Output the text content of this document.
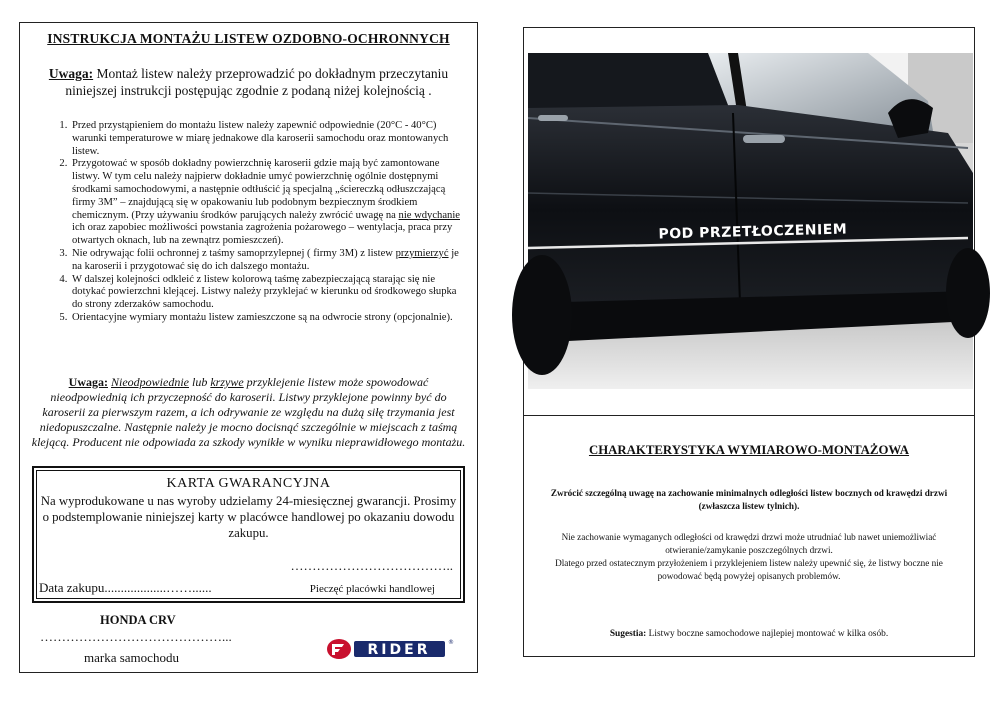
INSTRUKCJA MONTAŻU LISTEW OZDOBNO-OCHRONNYCH
Uwaga: Montaż listew należy przeprowadzić po dokładnym przeczytaniu
niniejszej instrukcji postępując zgodnie z podaną niżej kolejnością .
1. Przed przystąpieniem do montażu listew należy zapewnić odpowiednie (20°C - 40°C) warunki temperaturowe w miarę jednakowe dla karoserii samochodu oraz montowanych listew.
2. Przygotować w sposób dokładny powierzchnię karoserii gdzie mają być zamontowane listwy. W tym celu należy najpierw dokładnie umyć powierzchnię ogólnie dostępnymi środkami samochodowymi, a następnie odtłuścić ją specjalną „ściereczką odłuszczającą firmy 3M” – znajdującą się w opakowaniu lub podobnym bezpiecznym środkiem chemicznym. (Przy używaniu środków parujących należy zwrócić uwagę na nie wdychanie ich oraz zapobiec możliwości powstania zagrożenia pożarowego – wentylacja, praca przy otwartych oknach, lub na zewnątrz pomieszczeń).
3. Nie odrywając folii ochronnej z taśmy samoprzylepnej ( firmy 3M) z listew przymierzyć je na karoserii i przygotować się do ich dalszego montażu.
4. W dalszej kolejności odkleić z listew kolorową taśmę zabezpieczającą starając się nie dotykać powierzchni klejącej. Listwy należy przyklejać w kierunku od środkowego słupka do strony zderzaków samochodu.
5. Orientacyjne wymiary montażu listew zamieszczone są na odwrocie strony (opcjonalnie).
Uwaga: Nieodpowiednie lub krzywe przyklejenie listew może spowodować nieodpowiednią ich przyczepność do karoserii. Listwy przyklejone powinny być do karoserii za pierwszym razem, a ich odrywanie ze względu na dużą siłę trzymania jest niedopuszczalne. Następnie należy je mocno docisnąć szczególnie w miejscach z taśmą klejącą. Producent nie odpowiada za szkody wynikłe w wyniku nieprawidłowego montażu.
KARTA GWARANCYJNA
Na wyprodukowane u nas wyroby udzielamy 24-miesięcznej gwarancji. Prosimy o podstemplowanie niniejszej karty w placówce handlowej po okazaniu dowodu zakupu.
………………………………..
Pieczęć placówki handlowej
Data zakupu...................……......
HONDA CRV
……………………………………...
marka samochodu	RIDER	®
POD PRZETŁOCZENIEM
CHARAKTERYSTYKA WYMIAROWO-MONTAŻOWA
Zwrócić szczególną uwagę na zachowanie minimalnych odległości listew bocznych od krawędzi drzwi (zwłaszcza listew tylnich).
Nie zachowanie wymaganych odległości od krawędzi drzwi może utrudniać lub nawet uniemożliwiać otwieranie/zamykanie poszczególnych drzwi.
Dlatego przed ostatecznym przyłożeniem i przyklejeniem listew należy upewnić się, że listwy boczne nie powodować będą powyżej opisanych problemów.
Sugestia: Listwy boczne samochodowe najlepiej montować w kilka osób.
